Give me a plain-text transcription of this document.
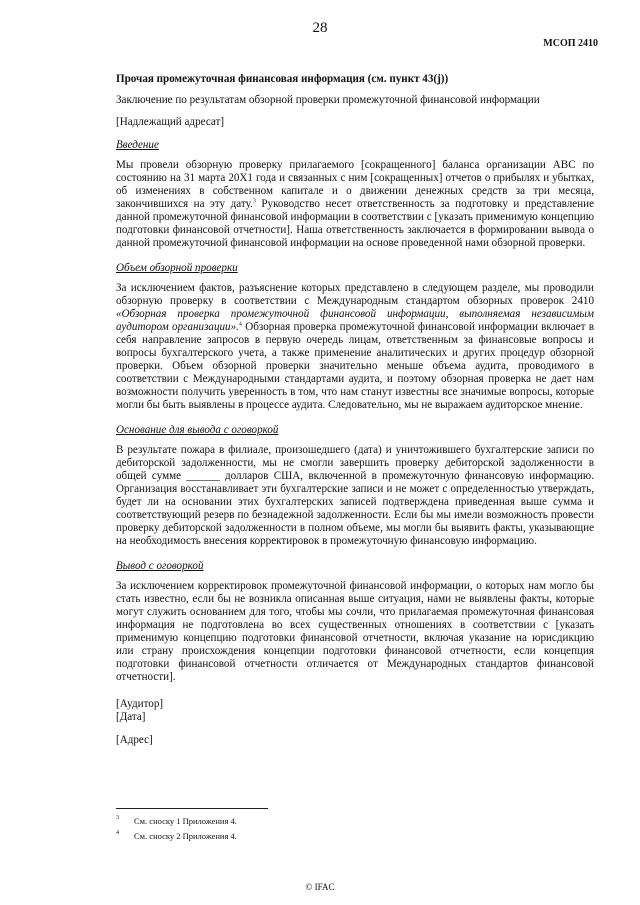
28
МСОП 2410
Прочая промежуточная финансовая информация (см. пункт 43(j))
Заключение по результатам обзорной проверки промежуточной финансовой информации
[Надлежащий адресат]
Введение

Мы провели обзорную проверку прилагаемого [сокращенного] баланса организации ABC по состоянию на 31 марта 20X1 года и связанных с ним [сокращенных] отчетов о прибылях и убытках, об изменениях в собственном капитале и о движении денежных средств за три месяца, закончившихся на эту дату.$^3$ Руководство несет ответственность за подготовку и представление данной промежуточной финансовой информации в соответствии с [указать применимую концепцию подготовки финансовой отчетности]. Наша ответственность заключается в формировании вывода о данной промежуточной финансовой информации на основе проведенной нами обзорной проверки.

Объем обзорной проверки

За исключением фактов, разъяснение которых представлено в следующем разделе, мы проводили обзорную проверку в соответствии с Международным стандартом обзорных проверок 2410 «Обзорная проверка промежуточной финансовой информации, выполняемая независимым аудитором организации».$^4$ Обзорная проверка промежуточной финансовой информации включает в себя направление запросов в первую очередь лицам, ответственным за финансовые вопросы и вопросы бухгалтерского учета, а также применение аналитических и других процедур обзорной проверки. Объем обзорной проверки значительно меньше объема аудита, проводимого в соответствии с Международными стандартами аудита, и поэтому обзорная проверка не дает нам возможности получить уверенность в том, что нам станут известны все значимые вопросы, которые могли бы быть выявлены в процессе аудита. Следовательно, мы не выражаем аудиторское мнение.

Основание для вывода с оговоркой

В результате пожара в филиале, произошедшего (дата) и уничтожившего бухгалтерские записи по дебиторской задолженности, мы не смогли завершить проверку дебиторской задолженности в общей сумме ______ долларов США, включенной в промежуточную финансовую информацию. Организация восстанавливает эти бухгалтерские записи и не может с определенностью утверждать, будет ли на основании этих бухгалтерских записей подтверждена приведенная выше сумма и соответствующий резерв по безнадежной задолженности. Если бы мы имели возможность провести проверку дебиторской задолженности в полном объеме, мы могли бы выявить факты, указывающие на необходимость внесения корректировок в промежуточную финансовую информацию.

Вывод с оговоркой

За исключением корректировок промежуточной финансовой информации, о которых нам могло бы стать известно, если бы не возникла описанная выше ситуация, нами не выявлены факты, которые могут служить основанием для того, чтобы мы сочли, что прилагаемая промежуточная финансовая информация не подготовлена во всех существенных отношениях в соответствии с [указать применимую концепцию подготовки финансовой отчетности, включая указание на юрисдикцию или страну происхождения концепции подготовки финансовой отчетности, если концепция подготовки финансовой отчетности отличается от Международных стандартов финансовой отчетности].

[Аудитор]
[Дата]
[Адрес]
3 См. сноску 1 Приложения 4.
4 См. сноску 2 Приложения 4.
© IFAC
